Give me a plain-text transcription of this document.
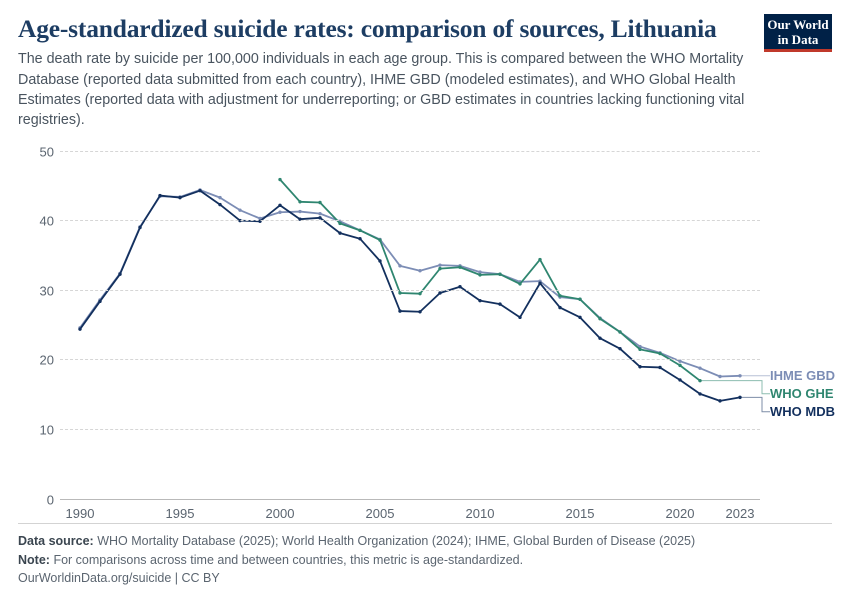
Age-standardized suicide rates: comparison of sources, Lithuania

The death rate by suicide per 100,000 individuals in each age group. This is compared between the WHO Mortality Database (reported data submitted from each country), IHME GBD (modeled estimates), and WHO Global Health Estimates (reported data with adjustment for underreporting; or GBD estimates in countries lacking functioning vital registries).

Our World
in Data
0
10
20
30
40
50
1990	1995	2000	2005	2010	2015	2020 2023
IHME GBD
WHO GHE
WHO MDB
Data source: WHO Mortality Database (2025); World Health Organization (2024); IHME, Global Burden of Disease (2025)
Note: For comparisons across time and between countries, this metric is age-standardized.
OurWorldinData.org/suicide | CC BY
